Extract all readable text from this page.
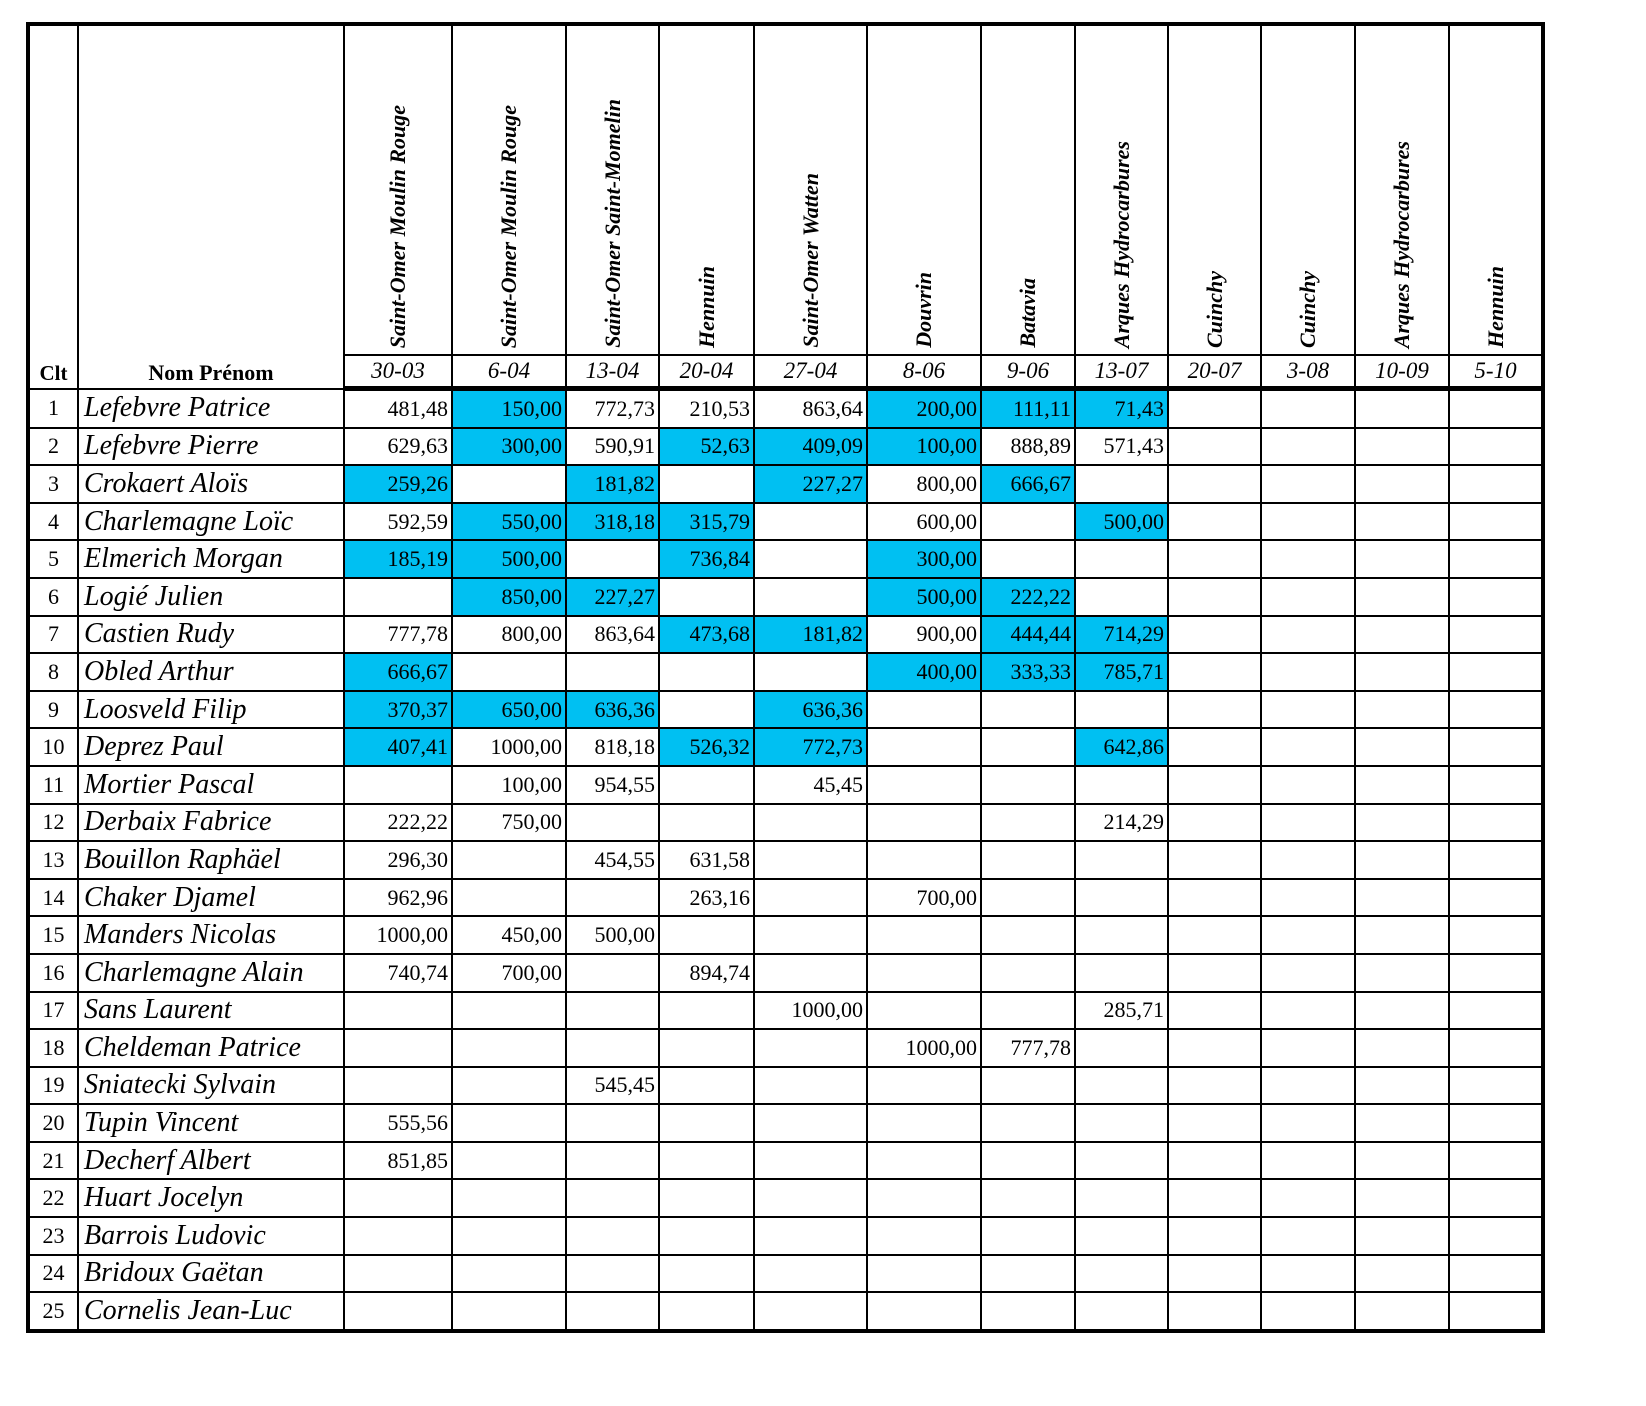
Clt	Nom Prénom	Saint-Omer Moulin Rouge	Saint-Omer Moulin Rouge	Saint-Omer Saint-Momelin	Hennuin	Saint-Omer Watten	Douvrin	Batavia	Arques Hydrocarbures	Cuinchy	Cuinchy	Arques Hydrocarbures	Hennuin

		30-03	6-04	13-04	20-04	27-04	8-06	9-06	13-07	20-07	3-08	10-09	5-10
1	Lefebvre Patrice	481,48	150,00	772,73	210,53	863,64	200,00	111,11	71,43				
2	Lefebvre Pierre	629,63	300,00	590,91	52,63	409,09	100,00	888,89	571,43				
3	Crokaert Aloïs	259,26		181,82		227,27	800,00	666,67					
4	Charlemagne Loïc	592,59	550,00	318,18	315,79		600,00		500,00				
5	Elmerich Morgan	185,19	500,00		736,84		300,00						
6	Logié Julien		850,00	227,27			500,00	222,22					
7	Castien Rudy	777,78	800,00	863,64	473,68	181,82	900,00	444,44	714,29				
8	Obled Arthur	666,67					400,00	333,33	785,71				
9	Loosveld Filip	370,37	650,00	636,36		636,36							
10	Deprez Paul	407,41	1000,00	818,18	526,32	772,73			642,86				
11	Mortier Pascal		100,00	954,55		45,45							
12	Derbaix Fabrice	222,22	750,00						214,29				
13	Bouillon Raphäel	296,30		454,55	631,58								
14	Chaker Djamel	962,96			263,16		700,00						
15	Manders Nicolas	1000,00	450,00	500,00									
16	Charlemagne Alain	740,74	700,00		894,74								
17	Sans Laurent					1000,00			285,71				
18	Cheldeman Patrice						1000,00	777,78					
19	Sniatecki Sylvain			545,45									
20	Tupin Vincent	555,56											
21	Decherf Albert	851,85											
22	Huart Jocelyn												
23	Barrois Ludovic												
24	Bridoux Gaëtan												
25	Cornelis Jean-Luc												
